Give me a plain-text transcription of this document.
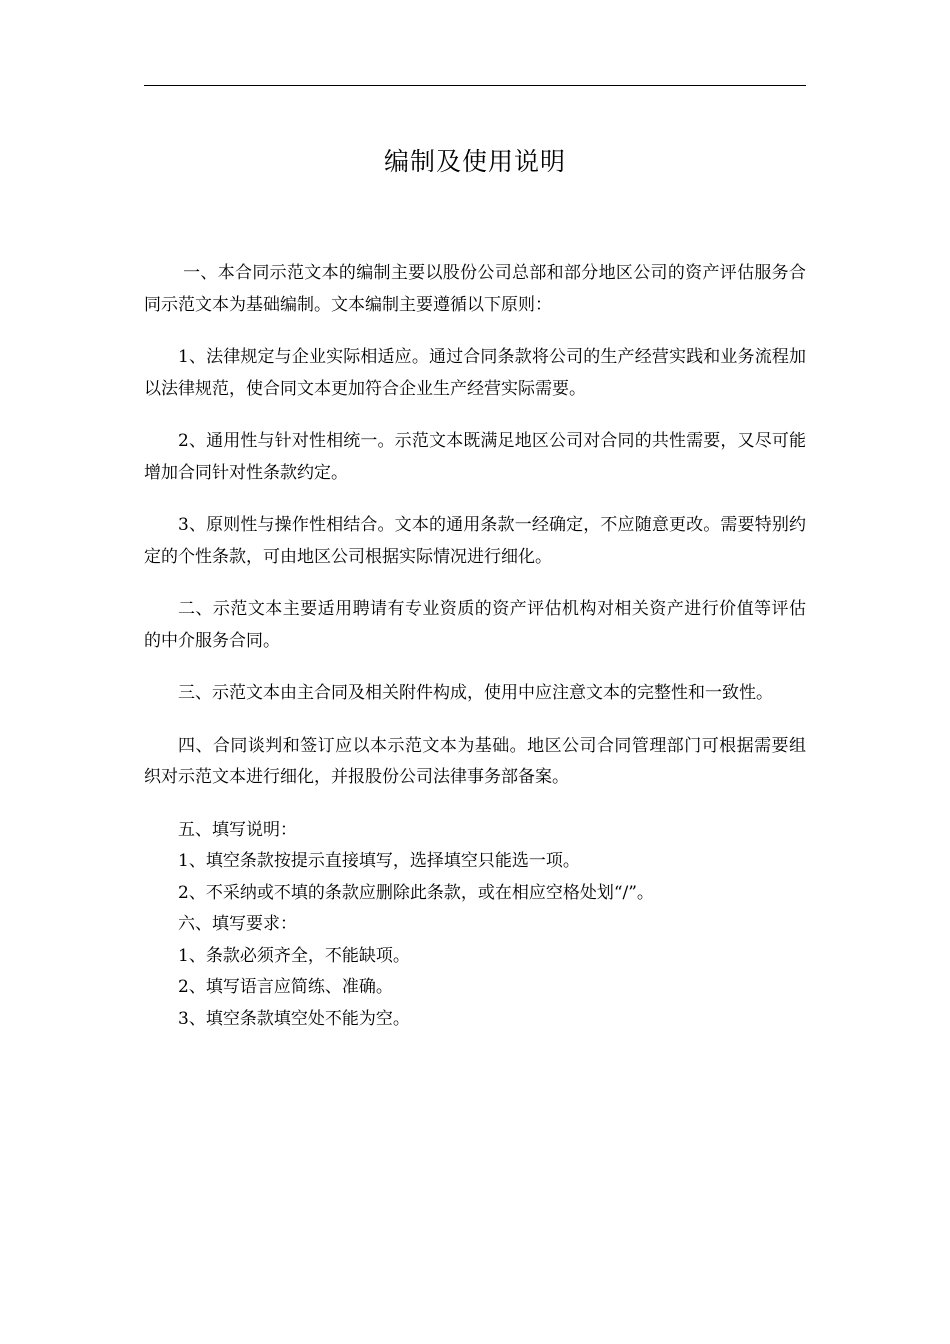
编制及使用说明

一、本合同示范文本的编制主要以股份公司总部和部分地区公司的资产评估服务合同示范文本为基础编制。文本编制主要遵循以下原则：

1、法律规定与企业实际相适应。通过合同条款将公司的生产经营实践和业务流程加以法律规范，使合同文本更加符合企业生产经营实际需要。

2、通用性与针对性相统一。示范文本既满足地区公司对合同的共性需要，又尽可能增加合同针对性条款约定。

3、原则性与操作性相结合。文本的通用条款一经确定，不应随意更改。需要特别约定的个性条款，可由地区公司根据实际情况进行细化。

二、示范文本主要适用聘请有专业资质的资产评估机构对相关资产进行价值等评估的中介服务合同。

三、示范文本由主合同及相关附件构成，使用中应注意文本的完整性和一致性。

四、合同谈判和签订应以本示范文本为基础。地区公司合同管理部门可根据需要组织对示范文本进行细化，并报股份公司法律事务部备案。

五、填写说明：

1、填空条款按提示直接填写，选择填空只能选一项。

2、不采纳或不填的条款应删除此条款，或在相应空格处划“/”。

六、填写要求：

1、条款必须齐全，不能缺项。

2、填写语言应简练、准确。

3、填空条款填空处不能为空。
